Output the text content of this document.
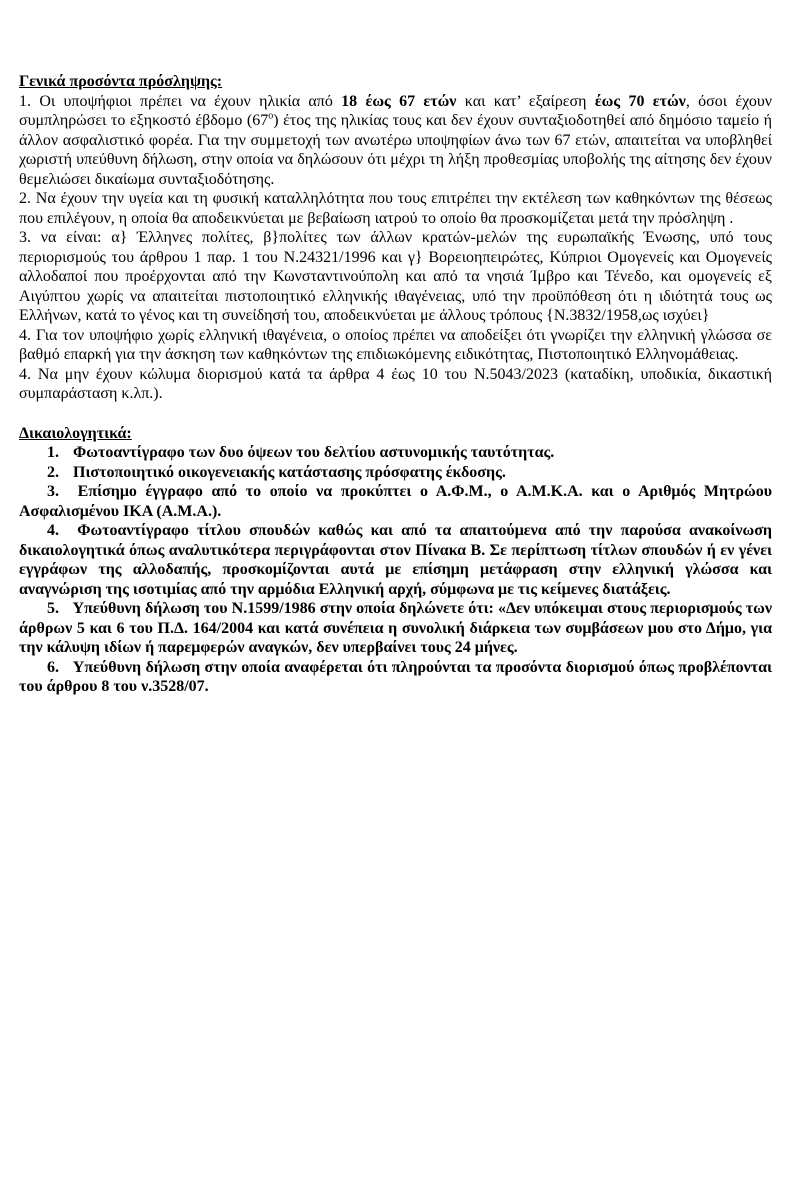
Γενικά προσόντα πρόσληψης:

1. Οι υποψήφιοι πρέπει να έχουν ηλικία από 18 έως 67 ετών και κατ’ εξαίρεση έως 70 ετών, όσοι έχουν συμπληρώσει το εξηκοστό έβδομο $(67^o)$ έτος της ηλικίας τους και δεν έχουν συνταξιοδοτηθεί από δημόσιο ταμείο ή άλλον ασφαλιστικό φορέα. Για την συμμετοχή των ανωτέρω υποψηφίων άνω των 67 ετών, απαιτείται να υποβληθεί χωριστή υπεύθυνη δήλωση, στην οποία να δηλώσουν ότι μέχρι τη λήξη προθεσμίας υποβολής της αίτησης δεν έχουν θεμελιώσει δικαίωμα συνταξιοδότησης.

2. Να έχουν την υγεία και τη φυσική καταλληλότητα που τους επιτρέπει την εκτέλεση των καθηκόντων της θέσεως που επιλέγουν, η οποία θα αποδεικνύεται με βεβαίωση ιατρού το οποίο θα προσκομίζεται μετά την πρόσληψη .

3. να είναι: α} Έλληνες πολίτες, β}πολίτες των άλλων κρατών-μελών της ευρωπαϊκής Ένωσης, υπό τους περιορισμούς του άρθρου 1 παρ. 1 του Ν.24321/1996 και γ} Βορειοηπειρώτες, Κύπριοι Ομογενείς και Ομογενείς αλλοδαποί που προέρχονται από την Κωνσταντινούπολη και από τα νησιά Ίμβρο και Τένεδο, και ομογενείς εξ Αιγύπτου χωρίς να απαιτείται πιστοποιητικό ελληνικής ιθαγένειας, υπό την προϋπόθεση ότι η ιδιότητά τους ως Ελλήνων, κατά το γένος και τη συνείδησή του, αποδεικνύεται με άλλους τρόπους {Ν.3832/1958,ως ισχύει}

4. Για τον υποψήφιο χωρίς ελληνική ιθαγένεια, ο οποίος πρέπει να αποδείξει ότι γνωρίζει την ελληνική γλώσσα σε βαθμό επαρκή για την άσκηση των καθηκόντων της επιδιωκόμενης ειδικότητας, Πιστοποιητικό Ελληνομάθειας.

4. Να μην έχουν κώλυμα διορισμού κατά τα άρθρα 4 έως 10 του Ν.5043/2023 (καταδίκη, υποδικία, δικαστική συμπαράσταση κ.λπ.).

Δικαιολογητικά:

1. Φωτοαντίγραφο των δυο όψεων του δελτίου αστυνομικής ταυτότητας.

2. Πιστοποιητικό οικογενειακής κατάστασης πρόσφατης έκδοσης.

3. Επίσημο έγγραφο από το οποίο να προκύπτει ο Α.Φ.Μ., ο Α.Μ.Κ.Α. και ο Αριθμός Μητρώου Ασφαλισμένου ΙΚΑ (Α.Μ.Α.).

4. Φωτοαντίγραφο τίτλου σπουδών καθώς και από τα απαιτούμενα από την παρούσα ανακοίνωση δικαιολογητικά όπως αναλυτικότερα περιγράφονται στον Πίνακα Β. Σε περίπτωση τίτλων σπουδών ή εν γένει εγγράφων της αλλοδαπής, προσκομίζονται αυτά με επίσημη μετάφραση στην ελληνική γλώσσα και αναγνώριση της ισοτιμίας από την αρμόδια Ελληνική αρχή, σύμφωνα με τις κείμενες διατάξεις.

5. Υπεύθυνη δήλωση του Ν.1599/1986 στην οποία δηλώνετε ότι: «Δεν υπόκειμαι στους περιορισμούς των άρθρων 5 και 6 του Π.Δ. 164/2004 και κατά συνέπεια η συνολική διάρκεια των συμβάσεων μου στο Δήμο, για την κάλυψη ιδίων ή παρεμφερών αναγκών, δεν υπερβαίνει τους 24 μήνες.

6. Υπεύθυνη δήλωση στην οποία αναφέρεται ότι πληρούνται τα προσόντα διορισμού όπως προβλέπονται του άρθρου 8 του ν.3528/07.
